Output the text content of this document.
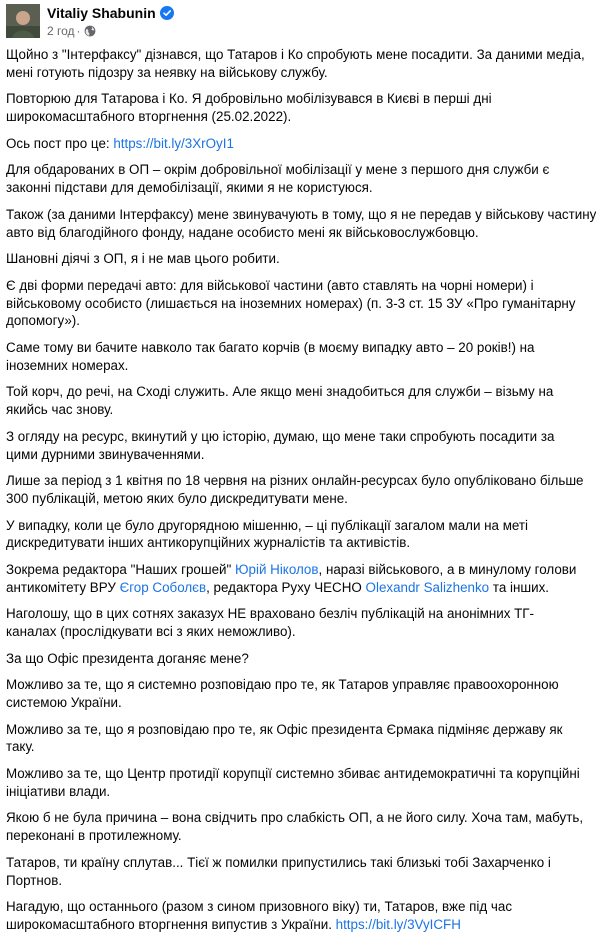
Vitaliy Shabunin
2 год ·

Щойно з "Інтерфаксу" дізнався, що Татаров і Ко спробують мене посадити. За даними медіа,
мені готують підозру за неявку на військову службу.

Повторюю для Татарова і Ко. Я добровільно мобілізувався в Києві в перші дні
широкомасштабного вторгнення (25.02.2022).

Ось пост про це: https://bit.ly/3XrOyI1

Для обдарованих в ОП – окрім добровільної мобілізації у мене з першого дня служби є
законні підстави для демобілізації, якими я не користуюся.

Також (за даними Інтерфаксу) мене звинувачують в тому, що я не передав у військову частину
авто від благодійного фонду, надане особисто мені як військовослужбовцю.

Шановні діячі з ОП, я і не мав цього робити.

Є дві форми передачі авто: для військової частини (авто ставлять на чорні номери) і
військовому особисто (лишається на іноземних номерах) (п. 3-3 ст. 15 ЗУ «Про гуманітарну
допомогу»).

Саме тому ви бачите навколо так багато корчів (в моєму випадку авто – 20 років!) на
іноземних номерах.

Той корч, до речі, на Сході служить. Але якщо мені знадобиться для служби – візьму на
якийсь час знову.

З огляду на ресурс, вкинутий у цю історію, думаю, що мене таки спробують посадити за
цими дурними звинуваченнями.

Лише за період з 1 квітня по 18 червня на різних онлайн-ресурсах було опубліковано більше
300 публікацій, метою яких було дискредитувати мене.

У випадку, коли це було другорядною мішенню, – ці публікації загалом мали на меті
дискредитувати інших антикорупційних журналістів та активістів.

Зокрема редактора "Наших грошей" Юрій Ніколов, наразі військового, а в минулому голови
антикомітету ВРУ Єгор Соболєв, редактора Руху ЧЕСНО Olexandr Salizhenko та інших.

Наголошу, що в цих сотнях заказух НЕ враховано безліч публікацій на анонімних ТГ-
каналах (прослідкувати всі з яких неможливо).

За що Офіс президента доганяє мене?

Можливо за те, що я системно розповідаю про те, як Татаров управляє правоохоронною
системою України.

Можливо за те, що я розповідаю про те, як Офіс президента Єрмака підміняє державу як
таку.

Можливо за те, що Центр протидії корупції системно збиває антидемократичні та корупційні
ініціативи влади.

Якою б не була причина – вона свідчить про слабкість ОП, а не його силу. Хоча там, мабуть,
переконані в протилежному.

Татаров, ти країну сплутав... Тієї ж помилки припустились такі близькі тобі Захарченко і
Портнов.

Нагадую, що останнього (разом з сином призовного віку) ти, Татаров, вже під час
широкомасштабного вторгнення випустив з України. https://bit.ly/3VyICFH
